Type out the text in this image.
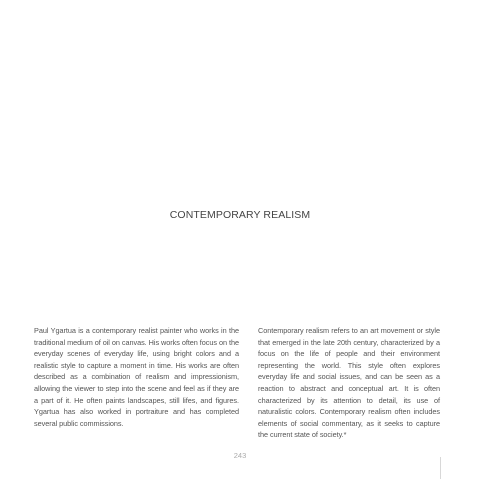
CONTEMPORARY REALISM
Paul Ygartua is a contemporary realist painter who works in the traditional medium of oil on canvas. His works often focus on the everyday scenes of everyday life, using bright colors and a realistic style to capture a moment in time. His works are often described as a combination of realism and impressionism, allowing the viewer to step into the scene and feel as if they are a part of it. He often paints landscapes, still lifes, and figures. Ygartua has also worked in portraiture and has completed several public commissions.
Contemporary realism refers to an art movement or style that emerged in the late 20th century, characterized by a focus on the life of people and their environment representing the world. This style often explores everyday life and social issues, and can be seen as a reaction to abstract and conceptual art. It is often characterized by its attention to detail, its use of naturalistic colors. Contemporary realism often includes elements of social commentary, as it seeks to capture the current state of society.*
243
